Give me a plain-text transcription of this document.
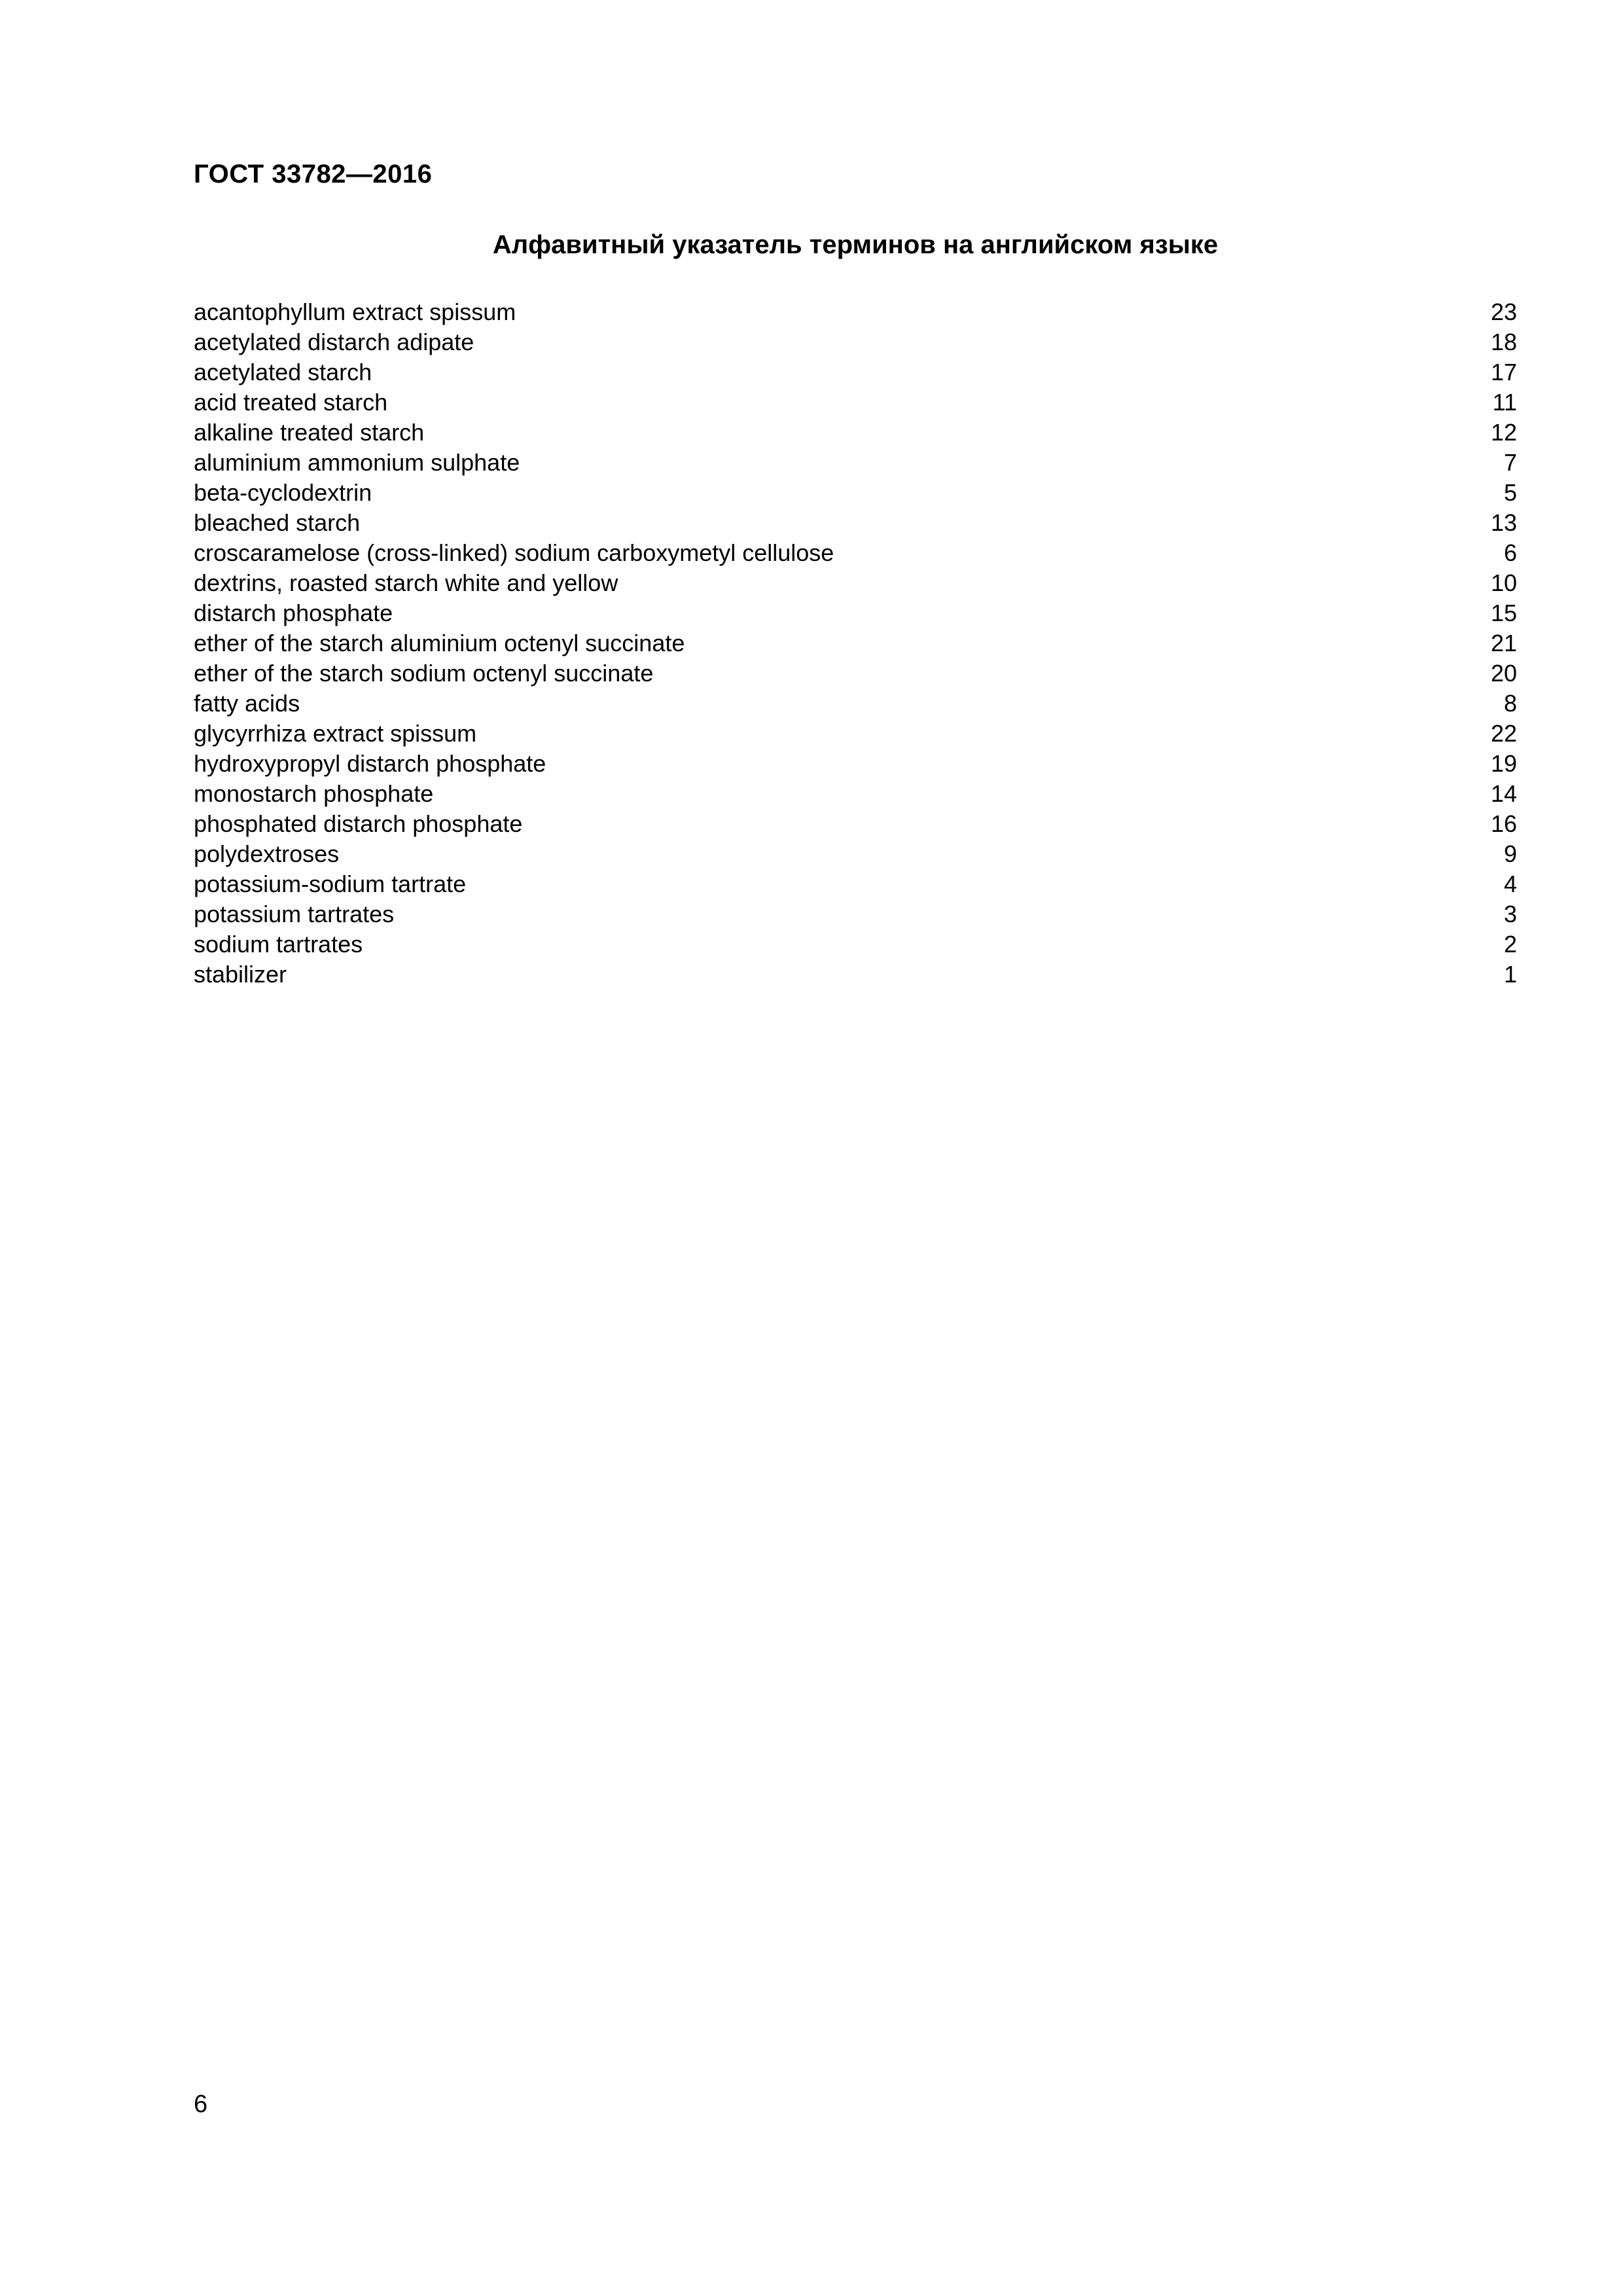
ГОСТ 33782—2016
Алфавитный указатель терминов на английском языке
acantophyllum extract spissum	23
acetylated distarch adipate	18
acetylated starch	17
acid treated starch	11
alkaline treated starch	12
aluminium ammonium sulphate	7
beta-cyclodextrin	5
bleached starch	13
croscaramelose (cross-linked) sodium carboxymetyl cellulose	6
dextrins, roasted starch white and yellow	10
distarch phosphate	15
ether of the starch aluminium octenyl succinate	21
ether of the starch sodium octenyl succinate	20
fatty acids	8
glycyrrhiza extract spissum	22
hydroxypropyl distarch phosphate	19
monostarch phosphate	14
phosphated distarch phosphate	16
polydextroses	9
potassium-sodium tartrate	4
potassium tartrates	3
sodium tartrates	2
stabilizer	1
6
